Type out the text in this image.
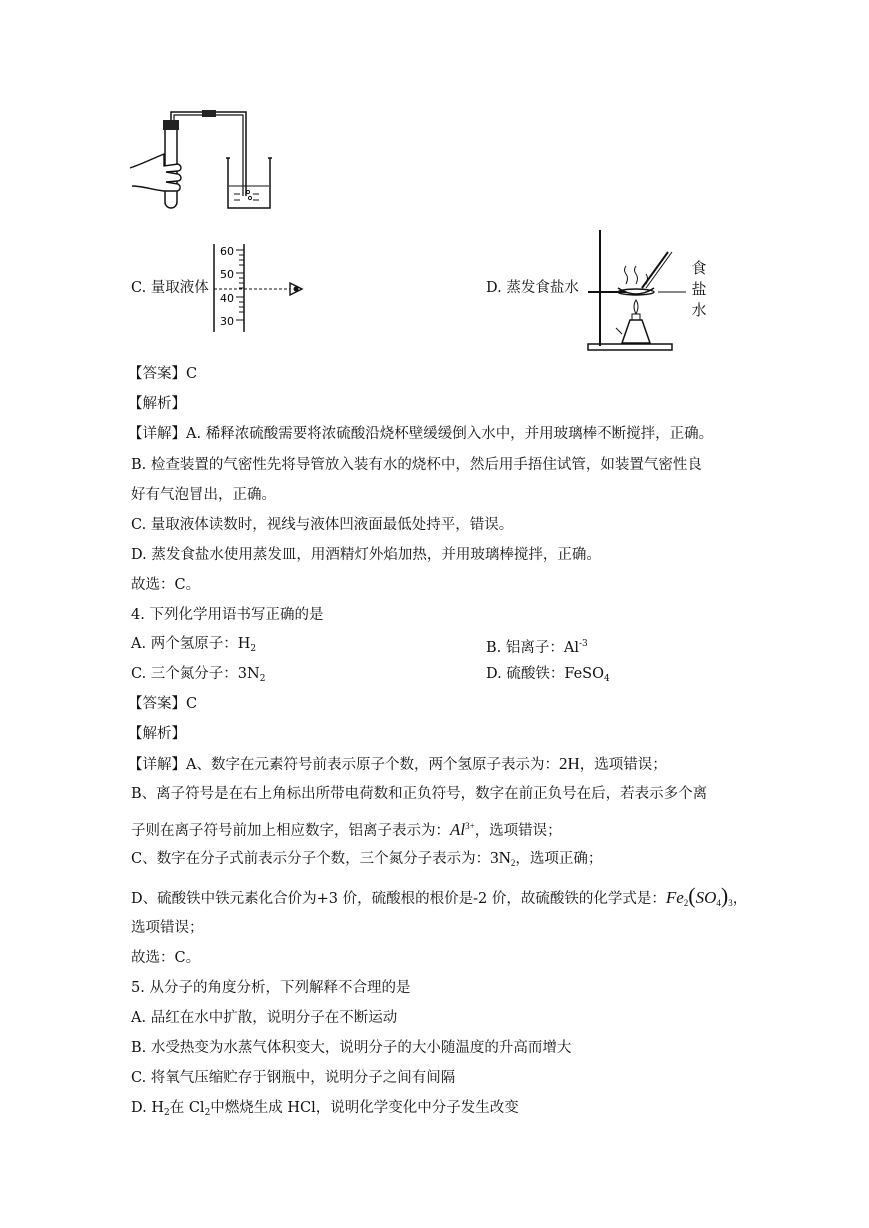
C. 量取液体
60
50
40
30
D. 蒸发食盐水
食
盐
水
【答案】C
【解析】
【详解】A. 稀释浓硫酸需要将浓硫酸沿烧杯壁缓缓倒入水中，并用玻璃棒不断搅拌，正确。
B. 检查装置的气密性先将导管放入装有水的烧杯中，然后用手捂住试管，如装置气密性良
好有气泡冒出，正确。
C. 量取液体读数时，视线与液体凹液面最低处持平，错误。
D. 蒸发食盐水使用蒸发皿，用酒精灯外焰加热，并用玻璃棒搅拌，正确。
故选：C。
4. 下列化学用语书写正确的是
A. 两个氢原子：$H_2$	B. 铝离子：$Al^{-3}$
C. 三个氮分子：$3N_2$	D. 硫酸铁：FeSO$_4$
【答案】C
【解析】
【详解】A、数字在元素符号前表示原子个数，两个氢原子表示为：2H，选项错误；
B、离子符号是在右上角标出所带电荷数和正负符号，数字在前正负号在后，若表示多个离
子则在离子符号前加上相应数字，铝离子表示为：$Al^{3+}$，选项错误；
C、数字在分子式前表示分子个数，三个氮分子表示为：$3N_2$，选项正确；
D、硫酸铁中铁元素化合价为+3 价，硫酸根的根价是-2 价，故硫酸铁的化学式是：$Fe_2(SO_4)_3$，
选项错误；
故选：C。
5. 从分子的角度分析，下列解释不合理的是
A. 品红在水中扩散，说明分子在不断运动
B. 水受热变为水蒸气体积变大，说明分子的大小随温度的升高而增大
C. 将氧气压缩贮存于钢瓶中，说明分子之间有间隔
D. $H_2$在 $Cl_2$中燃烧生成 HCl，说明化学变化中分子发生改变
